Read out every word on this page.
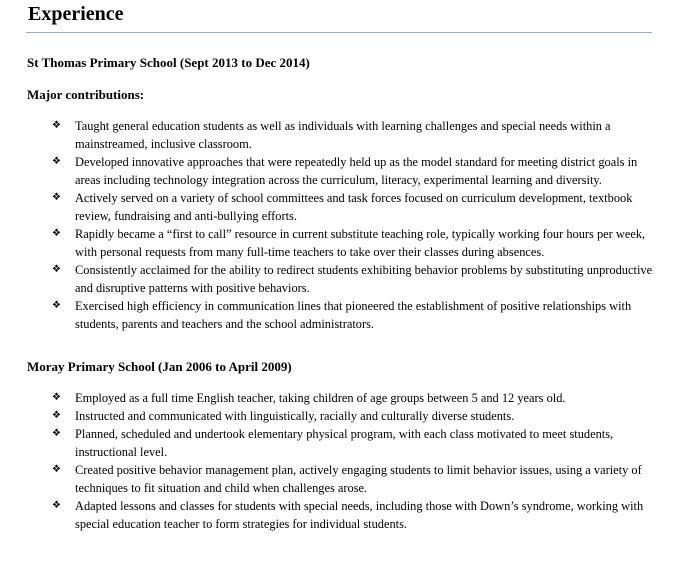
Experience
St Thomas Primary School (Sept 2013 to Dec 2014)
Major contributions:
❖ Taught general education students as well as individuals with learning challenges and special needs within a mainstreamed, inclusive classroom.
❖ Developed innovative approaches that were repeatedly held up as the model standard for meeting district goals in areas including technology integration across the curriculum, literacy, experimental learning and diversity.
❖ Actively served on a variety of school committees and task forces focused on curriculum development, textbook review, fundraising and anti-bullying efforts.
❖ Rapidly became a “first to call” resource in current substitute teaching role, typically working four hours per week, with personal requests from many full-time teachers to take over their classes during absences.
❖ Consistently acclaimed for the ability to redirect students exhibiting behavior problems by substituting unproductive and disruptive patterns with positive behaviors.
❖ Exercised high efficiency in communication lines that pioneered the establishment of positive relationships with students, parents and teachers and the school administrators.
Moray Primary School (Jan 2006 to April 2009)
❖ Employed as a full time English teacher, taking children of age groups between 5 and 12 years old.
❖ Instructed and communicated with linguistically, racially and culturally diverse students.
❖ Planned, scheduled and undertook elementary physical program, with each class motivated to meet students, instructional level.
❖ Created positive behavior management plan, actively engaging students to limit behavior issues, using a variety of techniques to fit situation and child when challenges arose.
❖ Adapted lessons and classes for students with special needs, including those with Down’s syndrome, working with special education teacher to form strategies for individual students.
